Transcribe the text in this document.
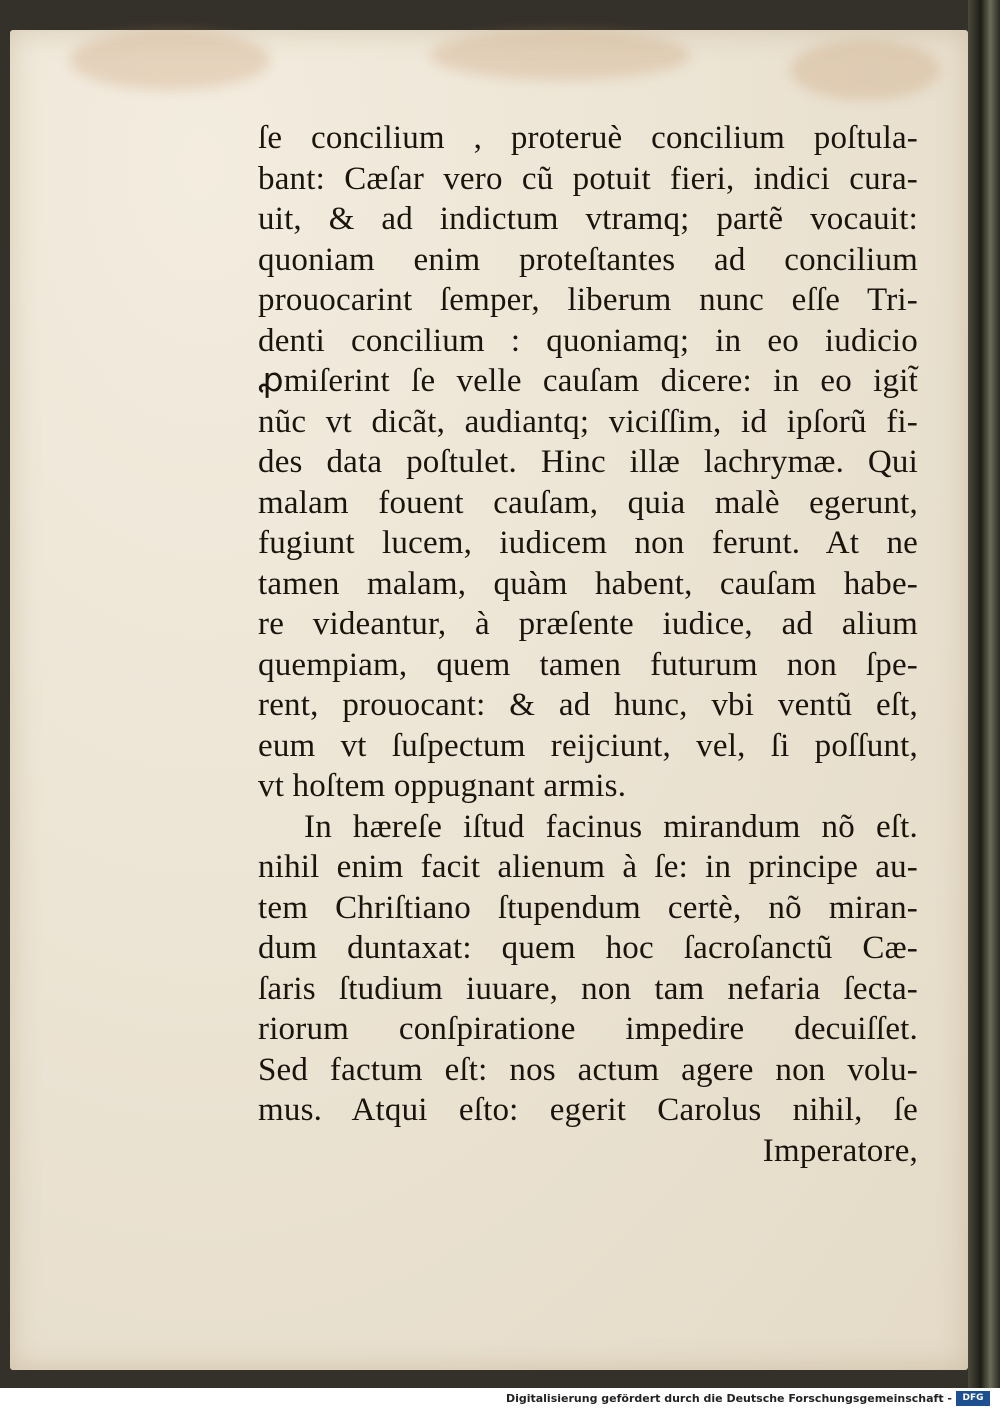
ſe concilium , proteruè concilium poſtula-
bant: Cæſar vero cũ potuit fieri, indici cura-
uit, & ad indictum vtramq; partẽ vocauit:
quoniam enim proteſtantes ad concilium
prouocarint ſemper, liberum nunc eſſe Tri-
denti concilium : quoniamq; in eo iudicio
ꝓmiſerint ſe velle cauſam dicere: in eo igit̃
nũc vt dicãt, audiantq; viciſſim, id ipſorũ fi-
des data poſtulet. Hinc illæ lachrymæ. Qui
malam fouent cauſam, quia malè egerunt,
fugiunt lucem, iudicem non ferunt. At ne
tamen malam, quàm habent, cauſam habe-
re videantur, à præſente iudice, ad alium
quempiam, quem tamen futurum non ſpe-
rent, prouocant: & ad hunc, vbi ventũ eſt,
eum vt ſuſpectum reijciunt, vel, ſi poſſunt,
vt hoſtem oppugnant armis.
In hæreſe iſtud facinus mirandum nõ eſt.
nihil enim facit alienum à ſe: in principe au-
tem Chriſtiano ſtupendum certè, nõ miran-
dum duntaxat: quem hoc ſacroſanctũ Cæ-
ſaris ſtudium iuuare, non tam nefaria ſecta-
riorum conſpiratione impedire decuiſſet.
Sed factum eſt: nos actum agere non volu-
mus. Atqui eſto: egerit Carolus nihil, ſe
Imperatore,
Digitalisierung gefördert durch die Deutsche Forschungsgemeinschaft -	DFG
